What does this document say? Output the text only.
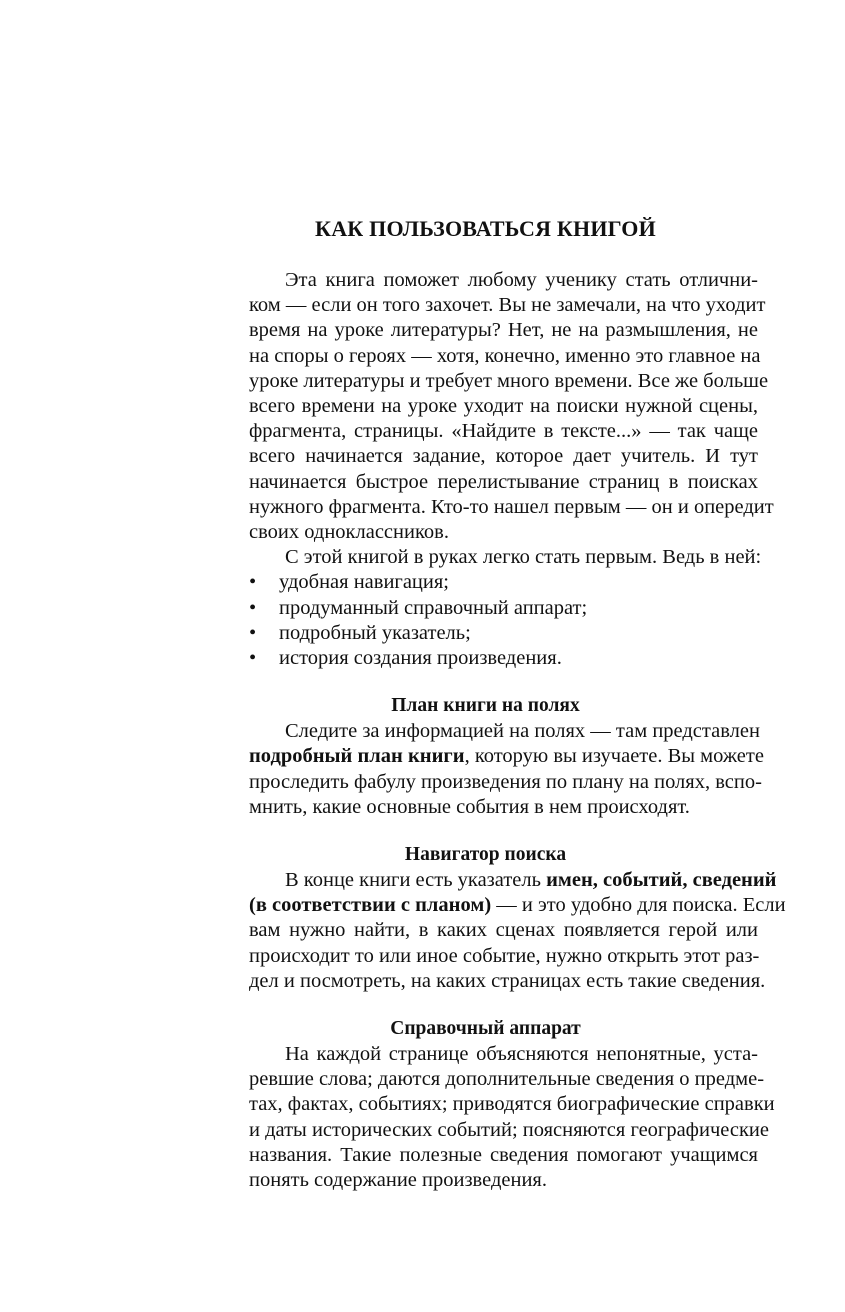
КАК ПОЛЬЗОВАТЬСЯ КНИГОЙ
Эта книга поможет любому ученику стать отлични-
ком — если он того захочет. Вы не замечали, на что уходит
время на уроке литературы? Нет, не на размышления, не
на споры о героях — хотя, конечно, именно это главное на
уроке литературы и требует много времени. Все же больше
всего времени на уроке уходит на поиски нужной сцены,
фрагмента, страницы. «Найдите в тексте...» — так чаще
всего начинается задание, которое дает учитель. И тут
начинается быстрое перелистывание страниц в поисках
нужного фрагмента. Кто-то нашел первым — он и опередит
своих одноклассников.
С этой книгой в руках легко стать первым. Ведь в ней:
• удобная навигация;
• продуманный справочный аппарат;
• подробный указатель;
• история создания произведения.
План книги на полях
Следите за информацией на полях — там представлен
подробный план книги, которую вы изучаете. Вы можете
проследить фабулу произведения по плану на полях, вспо-
мнить, какие основные события в нем происходят.
Навигатор поиска
В конце книги есть указатель имен, событий, сведений
(в соответствии с планом) — и это удобно для поиска. Если
вам нужно найти, в каких сценах появляется герой или
происходит то или иное событие, нужно открыть этот раз-
дел и посмотреть, на каких страницах есть такие сведения.
Справочный аппарат
На каждой странице объясняются непонятные, уста-
ревшие слова; даются дополнительные сведения о предме-
тах, фактах, событиях; приводятся биографические справки
и даты исторических событий; поясняются географические
названия. Такие полезные сведения помогают учащимся
понять содержание произведения.
